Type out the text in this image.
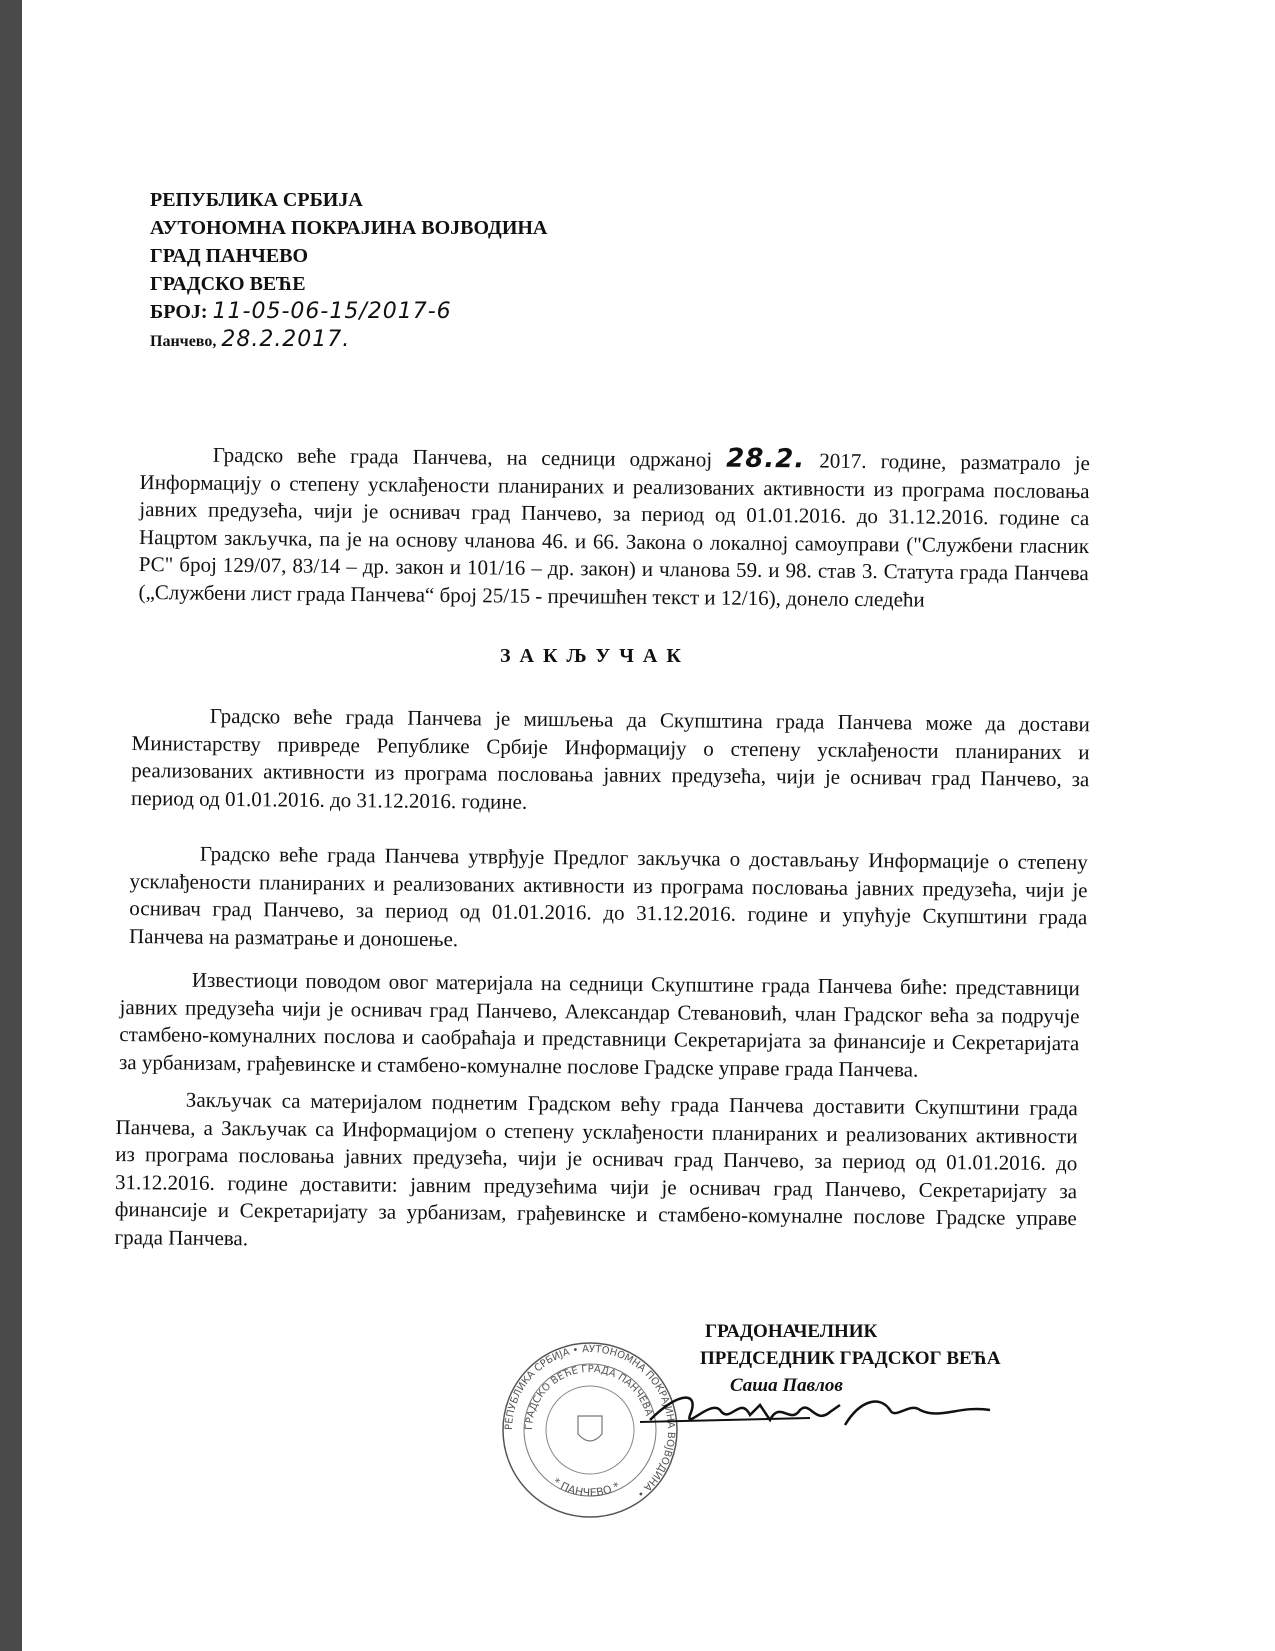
РЕПУБЛИКА СРБИЈА
АУТОНОМНА ПОКРАЈИНА ВОЈВОДИНА
ГРАД ПАНЧЕВО
ГРАДСКО ВЕЋЕ
БРОЈ: 11-05-06-15/2017-6
Панчево, 28.2.2017.
Градско веће града Панчева, на седници одржаној 28.2. 2017. године, разматрало је
Информацију о степену усклађености планираних и реализованих активности из програма пословања
јавних предузећа, чији је оснивач град Панчево, за период од 01.01.2016. до 31.12.2016. године са
Нацртом закључка, па је на основу чланова 46. и 66. Закона о локалној самоуправи ("Службени гласник
РС" број 129/07, 83/14 – др. закон и 101/16 – др. закон) и чланова 59. и 98. став 3. Статута града Панчева
(„Службени лист града Панчева“ број 25/15 - пречишћен текст и 12/16), донело следећи
ЗАКЉУЧАК
Градско веће града Панчева је мишљења да Скупштина града Панчева може да достави
Министарству привреде Републике Србије Информацију о степену усклађености планираних и
реализованих активности из програма пословања јавних предузећа, чији је оснивач град Панчево, за
период од 01.01.2016. до 31.12.2016. године.
Градско веће града Панчева утврђује Предлог закључка о достављању Информације о степену
усклађености планираних и реализованих активности из програма пословања јавних предузећа, чији је
оснивач град Панчево, за период од 01.01.2016. до 31.12.2016. године и упућује Скупштини града
Панчева на разматрање и доношење.
Известиоци поводом овог материјала на седници Скупштине града Панчева биће: представници
јавних предузећа чији је оснивач град Панчево, Александар Стевановић, члан Градског већа за подручје
стамбено-комуналних послова и саобраћаја и представници Секретаријата за финансије и Секретаријата
за урбанизам, грађевинске и стамбено-комуналне послове Градске управе града Панчева.
Закључак са материјалом поднетим Градском већу града Панчева доставити Скупштини града
Панчева, а Закључак са Информацијом о степену усклађености планираних и реализованих активности
из програма пословања јавних предузећа, чији је оснивач град Панчево, за период од 01.01.2016. до
31.12.2016. године доставити: јавним предузећима чији је оснивач град Панчево, Секретаријату за
финансије и Секретаријату за урбанизам, грађевинске и стамбено-комуналне послове Градске управе
града Панчева.
РЕПУБЛИКА СРБИЈА • АУТОНОМНА ПОКРАЈИНА ВОЈВОДИНА •
ГРАДСКО ВЕЋЕ ГРАДА ПАНЧЕВА
* ПАНЧЕВО *
ГРАДОНАЧЕЛНИК
ПРЕДСЕДНИК ГРАДСКОГ ВЕЋА
Саша Павлов
